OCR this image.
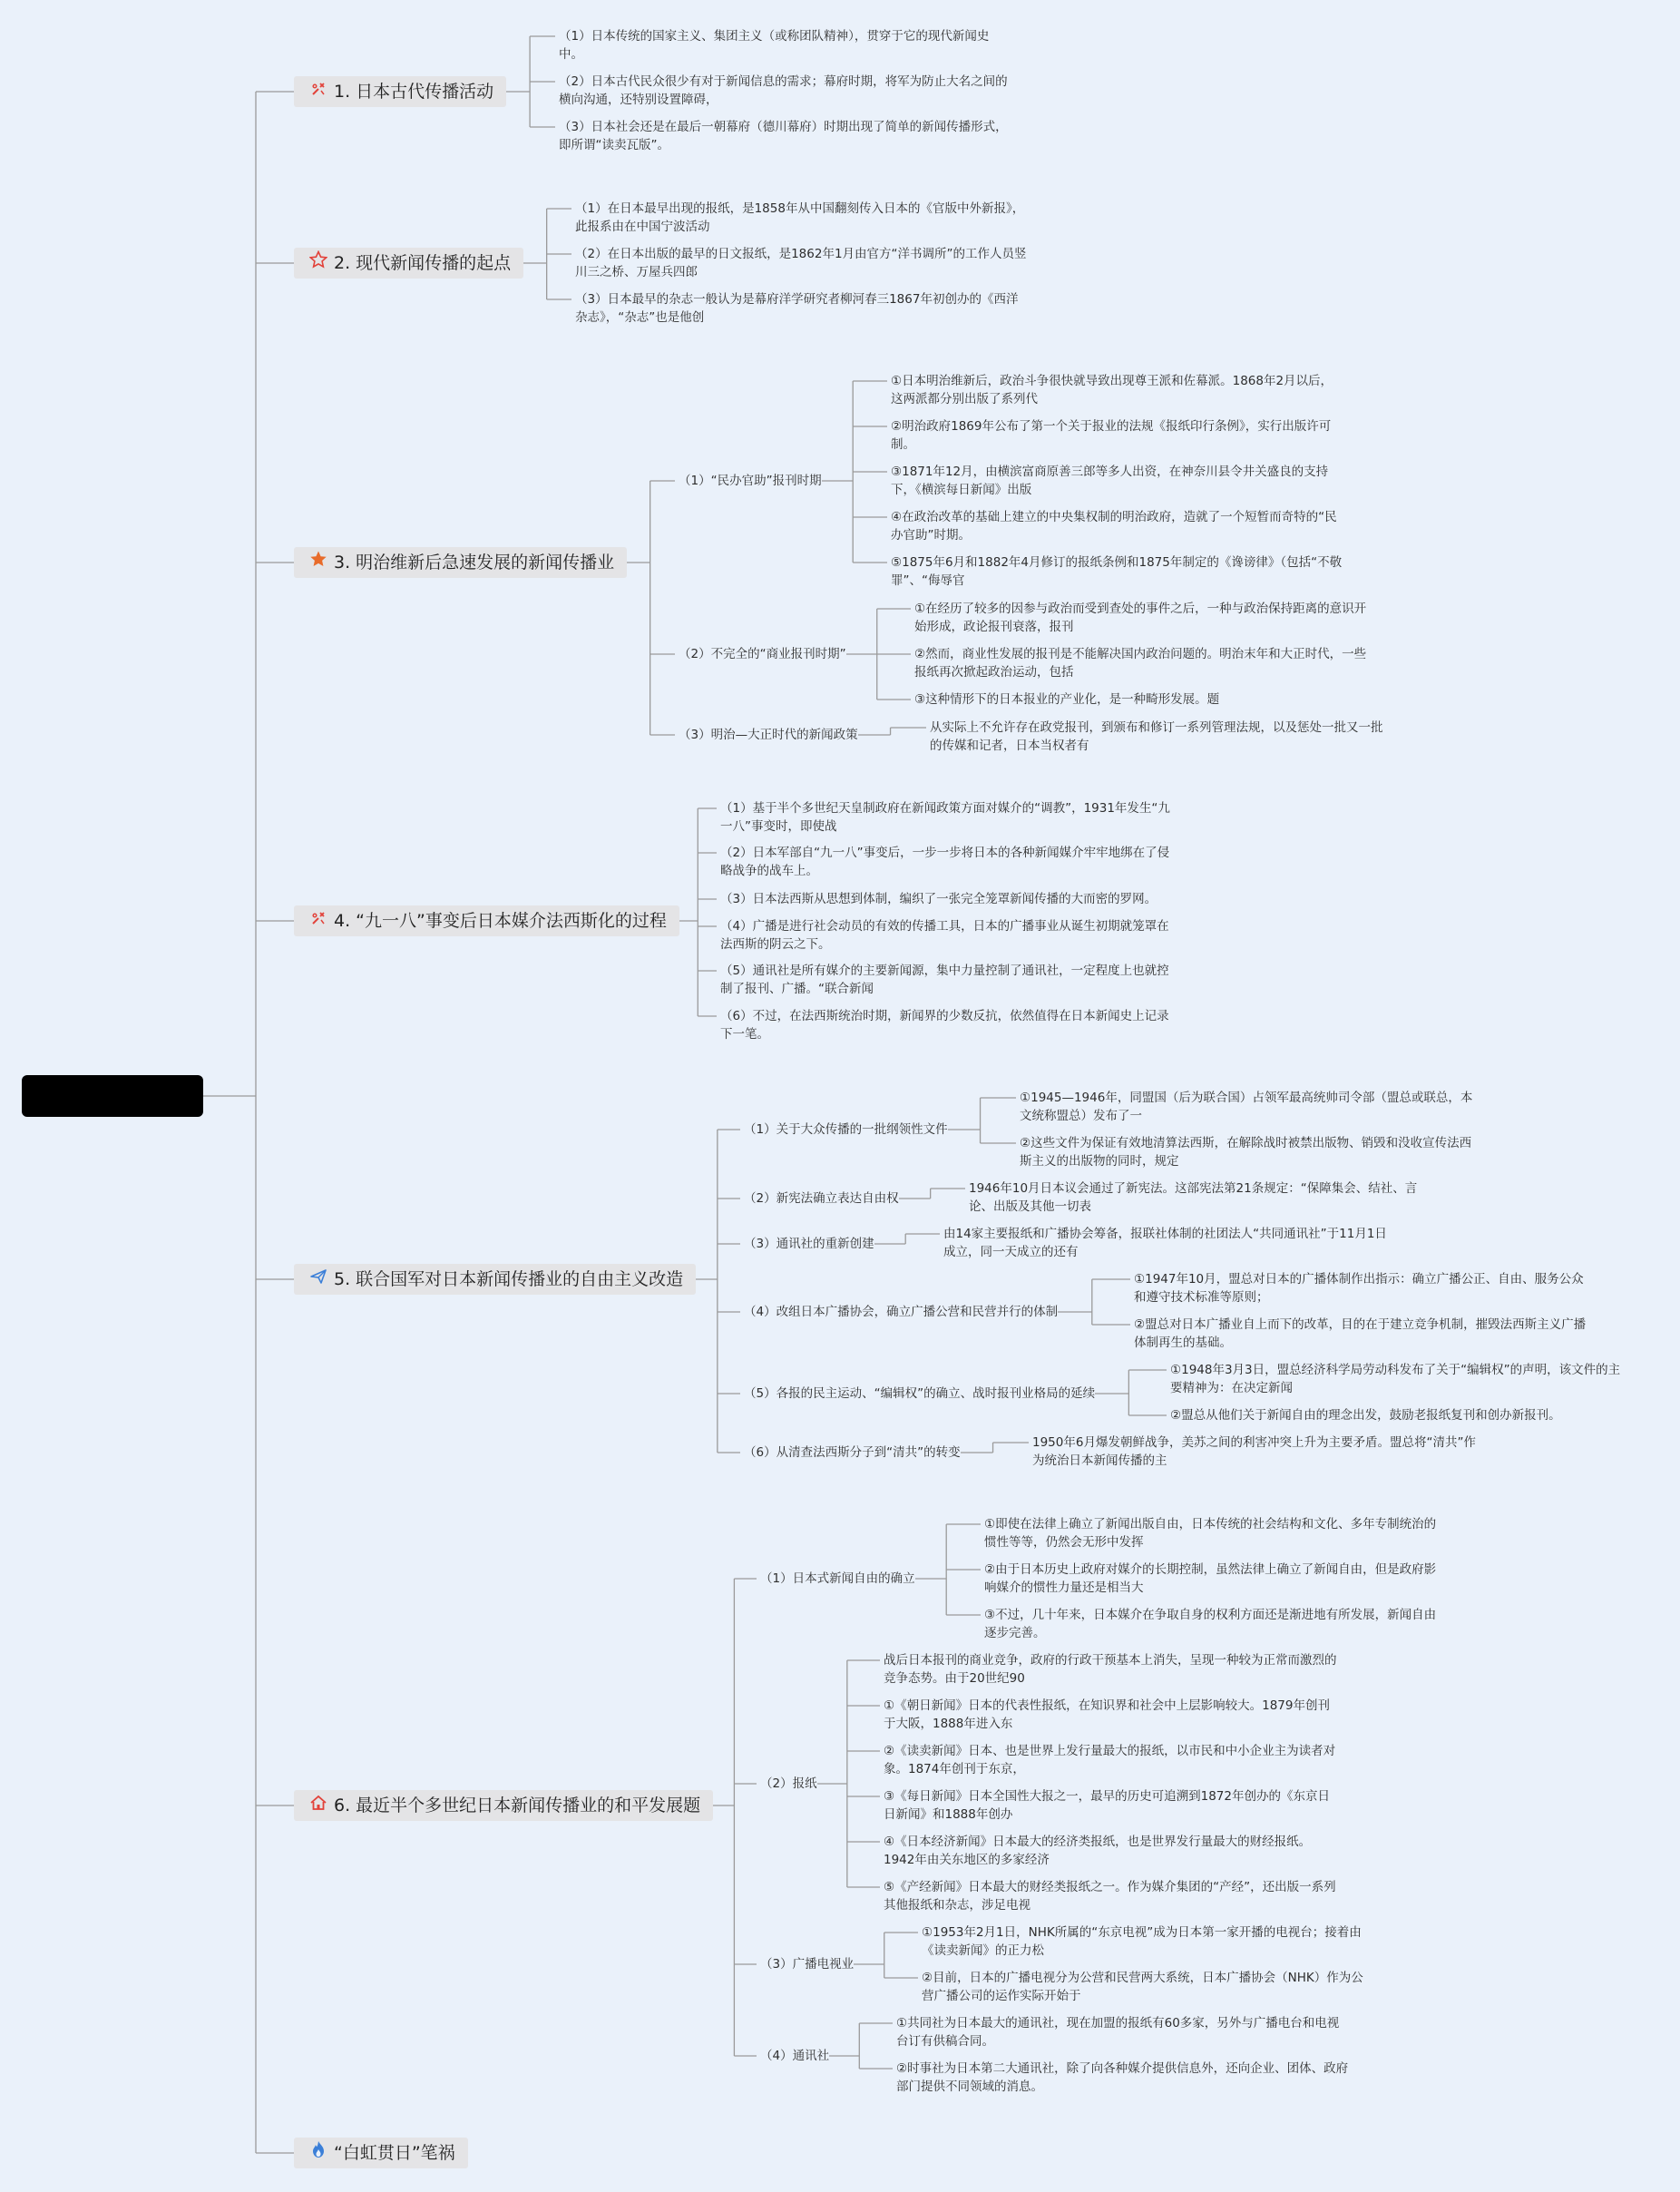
1. 日本古代传播活动
2. 现代新闻传播的起点
3. 明治维新后急速发展的新闻传播业
4. “九一八”事变后日本媒介法西斯化的过程
5. 联合国军对日本新闻传播业的自由主义改造
6. 最近半个多世纪日本新闻传播业的和平发展题
“白虹贯日”笔祸
（1）日本传统的国家主义、集团主义（或称团队精神），贯穿于它的现代新闻史中。
（2）日本古代民众很少有对于新闻信息的需求；幕府时期，将军为防止大名之间的横向沟通，还特别设置障碍，
（3）日本社会还是在最后一朝幕府（德川幕府）时期出现了简单的新闻传播形式，即所谓“读卖瓦版”。
（1）在日本最早出现的报纸，是1858年从中国翻刻传入日本的《官版中外新报》，此报系由在中国宁波活动
（2）在日本出版的最早的日文报纸，是1862年1月由官方“洋书调所”的工作人员竖川三之桥、万屋兵四郎
（3）日本最早的杂志一般认为是幕府洋学研究者柳河春三1867年初创办的《西洋杂志》，“杂志”也是他创
（1）“民办官助”报刊时期
①日本明治维新后，政治斗争很快就导致出现尊王派和佐幕派。1868年2月以后，这两派都分别出版了系列代
②明治政府1869年公布了第一个关于报业的法规《报纸印行条例》，实行出版许可制。
③1871年12月，由横滨富商原善三郎等多人出资，在神奈川县令井关盛良的支持下，《横滨每日新闻》出版
④在政治改革的基础上建立的中央集权制的明治政府，造就了一个短暂而奇特的“民办官助”时期。
⑤1875年6月和1882年4月修订的报纸条例和1875年制定的《谗谤律》（包括“不敬罪”、“侮辱官
（2）不完全的“商业报刊时期”
①在经历了较多的因参与政治而受到查处的事件之后，一种与政治保持距离的意识开始形成，政论报刊衰落，报刊
②然而，商业性发展的报刊是不能解决国内政治问题的。明治末年和大正时代，一些报纸再次掀起政治运动，包括
③这种情形下的日本报业的产业化，是一种畸形发展。题
（3）明治—大正时代的新闻政策	从实际上不允许存在政党报刊，到颁布和修订一系列管理法规，以及惩处一批又一批的传媒和记者，日本当权者有
（1）基于半个多世纪天皇制政府在新闻政策方面对媒介的“调教”，1931年发生“九一八”事变时，即使战
（2）日本军部自“九一八”事变后，一步一步将日本的各种新闻媒介牢牢地绑在了侵略战争的战车上。
（3）日本法西斯从思想到体制，编织了一张完全笼罩新闻传播的大而密的罗网。
（4）广播是进行社会动员的有效的传播工具，日本的广播事业从诞生初期就笼罩在法西斯的阴云之下。
（5）通讯社是所有媒介的主要新闻源，集中力量控制了通讯社，一定程度上也就控制了报刊、广播。“联合新闻
（6）不过，在法西斯统治时期，新闻界的少数反抗，依然值得在日本新闻史上记录下一笔。
（1）关于大众传播的一批纲领性文件
①1945—1946年，同盟国（后为联合国）占领军最高统帅司令部（盟总或联总，本文统称盟总）发布了一
②这些文件为保证有效地清算法西斯，在解除战时被禁出版物、销毁和没收宣传法西斯主义的出版物的同时，规定
（2）新宪法确立表达自由权
1946年10月日本议会通过了新宪法。这部宪法第21条规定：“保障集会、结社、言论、出版及其他一切表
（3）通讯社的重新创建
由14家主要报纸和广播协会筹备，报联社体制的社团法人“共同通讯社”于11月1日成立，同一天成立的还有
（4）改组日本广播协会，确立广播公营和民营并行的体制
①1947年10月，盟总对日本的广播体制作出指示：确立广播公正、自由、服务公众和遵守技术标准等原则；
②盟总对日本广播业自上而下的改革，目的在于建立竞争机制，摧毁法西斯主义广播体制再生的基础。
（5）各报的民主运动、“编辑权”的确立、战时报刊业格局的延续
①1948年3月3日，盟总经济科学局劳动科发布了关于“编辑权”的声明，该文件的主要精神为：在决定新闻
②盟总从他们关于新闻自由的理念出发，鼓励老报纸复刊和创办新报刊。
（6）从清查法西斯分子到“清共”的转变
1950年6月爆发朝鲜战争，美苏之间的利害冲突上升为主要矛盾。盟总将“清共”作为统治日本新闻传播的主
（1）日本式新闻自由的确立
①即使在法律上确立了新闻出版自由，日本传统的社会结构和文化、多年专制统治的惯性等等，仍然会无形中发挥
②由于日本历史上政府对媒介的长期控制，虽然法律上确立了新闻自由，但是政府影响媒介的惯性力量还是相当大
③不过，几十年来，日本媒介在争取自身的权利方面还是渐进地有所发展，新闻自由逐步完善。
（2）报纸
战后日本报刊的商业竞争，政府的行政干预基本上消失，呈现一种较为正常而激烈的竞争态势。由于20世纪90
①《朝日新闻》日本的代表性报纸，在知识界和社会中上层影响较大。1879年创刊于大阪，1888年进入东
②《读卖新闻》日本、也是世界上发行量最大的报纸，以市民和中小企业主为读者对象。1874年创刊于东京，
③《每日新闻》日本全国性大报之一，最早的历史可追溯到1872年创办的《东京日日新闻》和1888年创办
④《日本经济新闻》日本最大的经济类报纸，也是世界发行量最大的财经报纸。1942年由关东地区的多家经济
⑤《产经新闻》日本最大的财经类报纸之一。作为媒介集团的“产经”，还出版一系列其他报纸和杂志，涉足电视
（3）广播电视业
①1953年2月1日，NHK所属的“东京电视”成为日本第一家开播的电视台；接着由《读卖新闻》的正力松
②目前，日本的广播电视分为公营和民营两大系统，日本广播协会（NHK）作为公营广播公司的运作实际开始于
（4）通讯社
①共同社为日本最大的通讯社，现在加盟的报纸有60多家，另外与广播电台和电视台订有供稿合同。
②时事社为日本第二大通讯社，除了向各种媒介提供信息外，还向企业、团体、政府部门提供不同领域的消息。
